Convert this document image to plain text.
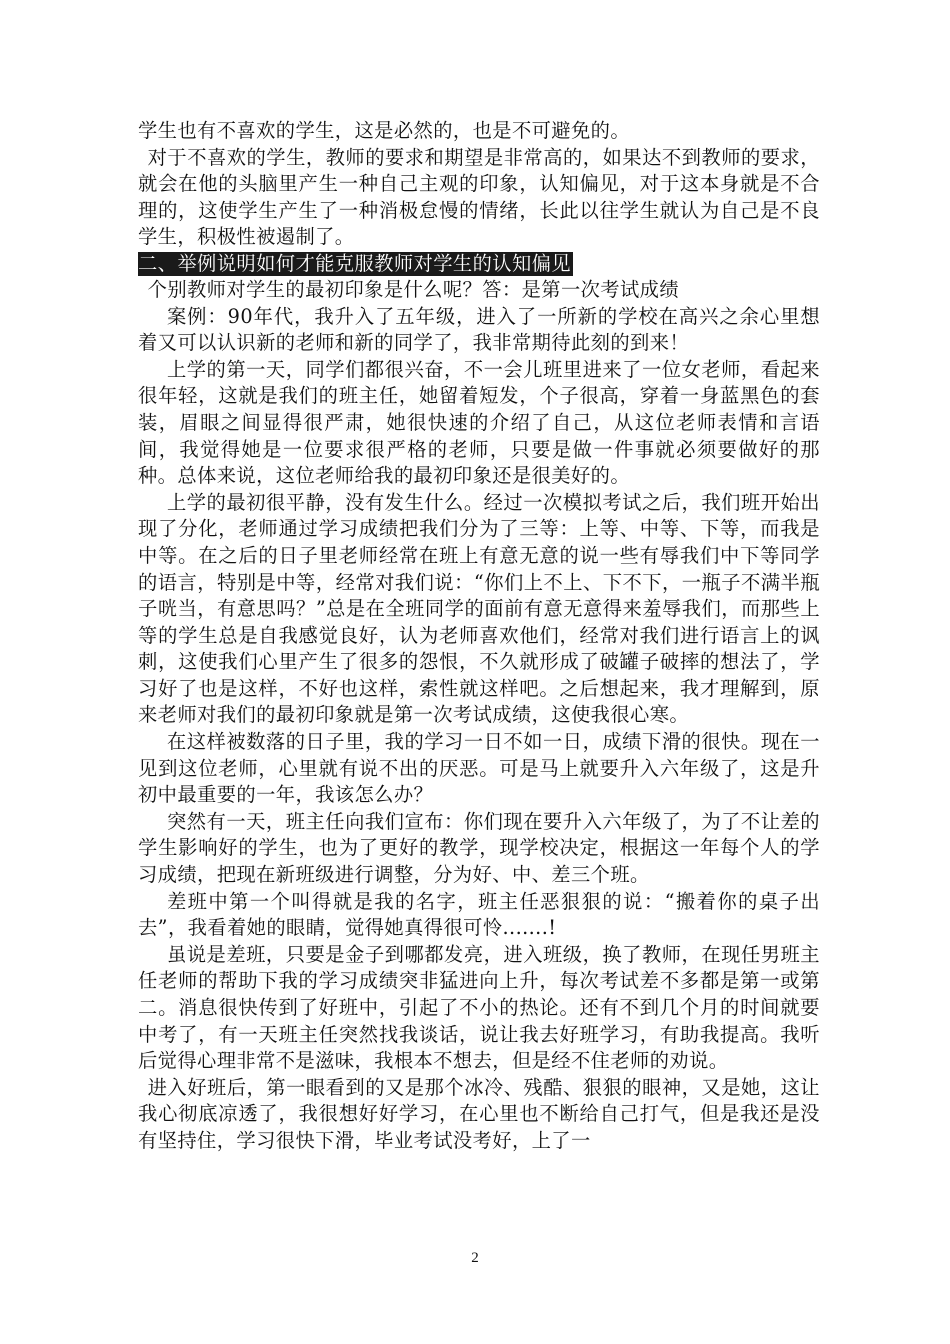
学生也有不喜欢的学生，这是必然的，也是不可避免的。

对于不喜欢的学生，教师的要求和期望是非常高的，如果达不到教师的要求，就会在他的头脑里产生一种自己主观的印象，认知偏见，对于这本身就是不合理的，这使学生产生了一种消极怠慢的情绪，长此以往学生就认为自己是不良学生，积极性被遏制了。

二、举例说明如何才能克服教师对学生的认知偏见

个别教师对学生的最初印象是什么呢？答：是第一次考试成绩

案例：90年代，我升入了五年级，进入了一所新的学校在高兴之余心里想着又可以认识新的老师和新的同学了，我非常期待此刻的到来！

上学的第一天，同学们都很兴奋，不一会儿班里进来了一位女老师，看起来很年轻，这就是我们的班主任，她留着短发，个子很高，穿着一身蓝黑色的套装，眉眼之间显得很严肃，她很快速的介绍了自己，从这位老师表情和言语间，我觉得她是一位要求很严格的老师，只要是做一件事就必须要做好的那种。总体来说，这位老师给我的最初印象还是很美好的。

上学的最初很平静，没有发生什么。经过一次模拟考试之后，我们班开始出现了分化，老师通过学习成绩把我们分为了三等：上等、中等、下等，而我是中等。在之后的日子里老师经常在班上有意无意的说一些有辱我们中下等同学的语言，特别是中等，经常对我们说：“你们上不上、下不下，一瓶子不满半瓶子咣当，有意思吗？”总是在全班同学的面前有意无意得来羞辱我们，而那些上等的学生总是自我感觉良好，认为老师喜欢他们，经常对我们进行语言上的讽刺，这使我们心里产生了很多的怨恨，不久就形成了破罐子破摔的想法了，学习好了也是这样，不好也这样，索性就这样吧。之后想起来，我才理解到，原来老师对我们的最初印象就是第一次考试成绩，这使我很心寒。

在这样被数落的日子里，我的学习一日不如一日，成绩下滑的很快。现在一见到这位老师，心里就有说不出的厌恶。可是马上就要升入六年级了，这是升初中最重要的一年，我该怎么办？

突然有一天，班主任向我们宣布：你们现在要升入六年级了，为了不让差的学生影响好的学生，也为了更好的教学，现学校决定，根据这一年每个人的学习成绩，把现在新班级进行调整，分为好、中、差三个班。

差班中第一个叫得就是我的名字，班主任恶狠狠的说：“搬着你的桌子出去”，我看着她的眼睛，觉得她真得很可怜.......!

虽说是差班，只要是金子到哪都发亮，进入班级，换了教师，在现任男班主任老师的帮助下我的学习成绩突非猛进向上升，每次考试差不多都是第一或第二。消息很快传到了好班中，引起了不小的热论。还有不到几个月的时间就要中考了，有一天班主任突然找我谈话，说让我去好班学习，有助我提高。我听后觉得心理非常不是滋味，我根本不想去，但是经不住老师的劝说。

进入好班后，第一眼看到的又是那个冰冷、残酷、狠狠的眼神，又是她，这让我心彻底凉透了，我很想好好学习，在心里也不断给自己打气，但是我还是没有坚持住，学习很快下滑，毕业考试没考好，上了一

2
